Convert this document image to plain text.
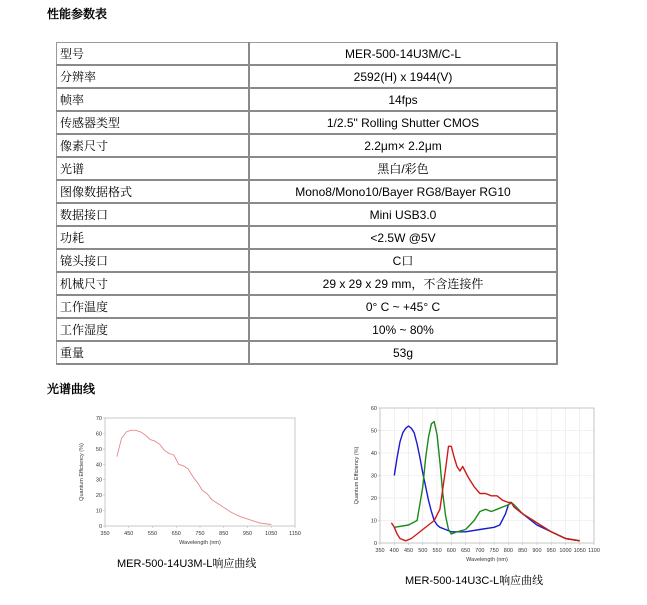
性能参数表
型号	MER-500-14U3M/C-L
分辨率	2592(H) x 1944(V)
帧率	14fps
传感器类型	1/2.5" Rolling Shutter CMOS
像素尺寸	2.2μm× 2.2μm
光谱	黑白/彩色
图像数据格式	Mono8/Mono10/Bayer RG8/Bayer RG10
数据接口	Mini USB3.0
功耗	<2.5W @5V
镜头接口	C口
机械尺寸	29 x 29 x 29 mm，不含连接件
工作温度	0° C ~ +45° C
工作湿度	10% ~ 80%
重量	53g
光谱曲线
0
10
20
30
40
50
60
70
350	450	550	650	750	850	950 1050 1150
Wavelength (nm)
Quantum Efficiency (%)
MER-500-14U3M-L响应曲线
0
10
20
30
40
50
60
350 400 450 500 550 600 650 700 750 800 850 900 950 1000 1050 1100
Wavelength (nm)
Quantum Efficiency (%)
MER-500-14U3C-L响应曲线
